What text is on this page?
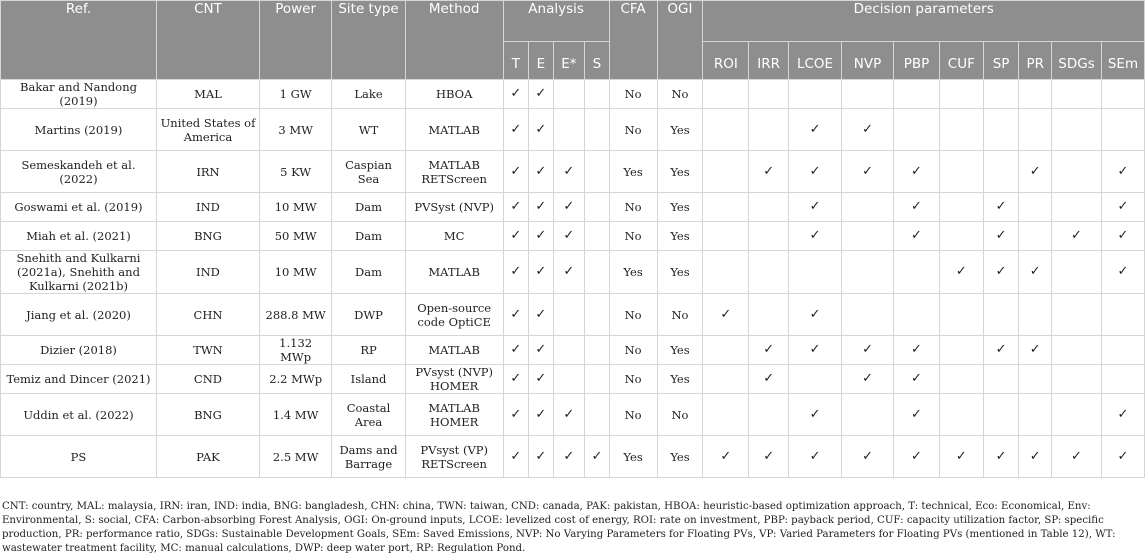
Ref.	CNT	Power	Site type	Method	Analysis				CFA	OGI	Decision parameters									
					T	E	E*	S			ROI	IRR	LCOE	NVP	PBP	CUF	SP	PR	SDGs	SEm
Bakar and Nandong (2019)	MAL	1 GW	Lake	HBOA	✓	✓			No	No										
Martins (2019)	United States of America	3 MW	WT	MATLAB	✓	✓			No	Yes			✓	✓						
Semeskandeh et al. (2022)	IRN	5 KW	Caspian Sea	MATLAB RETScreen	✓	✓	✓		Yes	Yes		✓	✓	✓	✓			✓		✓
Goswami et al. (2019)	IND	10 MW	Dam	PVSyst (NVP)	✓	✓	✓		No	Yes			✓		✓		✓			✓
Miah et al. (2021)	BNG	50 MW	Dam	MC	✓	✓	✓		No	Yes			✓		✓		✓		✓	✓
Snehith and Kulkarni (2021a), Snehith and Kulkarni (2021b)	IND	10 MW	Dam	MATLAB	✓	✓	✓		Yes	Yes						✓	✓	✓		✓
Jiang et al. (2020)	CHN	288.8 MW	DWP	Open-source code OptiCE	✓	✓			No	No	✓		✓							
Dizier (2018)	TWN	1.132 MWp	RP	MATLAB	✓	✓			No	Yes		✓	✓	✓	✓		✓	✓		
Temiz and Dincer (2021)	CND	2.2 MWp	Island	PVsyst (NVP) HOMER	✓	✓			No	Yes		✓		✓	✓					
Uddin et al. (2022)	BNG	1.4 MW	Coastal Area	MATLAB HOMER	✓	✓	✓		No	No			✓		✓					✓
PS	PAK	2.5 MW	Dams and Barrage	PVsyst (VP) RETScreen	✓	✓	✓	✓	Yes	Yes	✓	✓	✓	✓	✓	✓	✓	✓	✓	✓
CNT: country, MAL: malaysia, IRN: iran, IND: india, BNG: bangladesh, CHN: china, TWN: taiwan, CND: canada, PAK: pakistan, HBOA: heuristic-based optimization approach, T: technical, Eco: Economical, Env: Environmental, S: social, CFA: Carbon-absorbing Forest Analysis, OGI: On-ground inputs, LCOE: levelized cost of energy, ROI: rate on investment, PBP: payback period, CUF: capacity utilization factor, SP: specific production, PR: performance ratio, SDGs: Sustainable Development Goals, SEm: Saved Emissions, NVP: No Varying Parameters for Floating PVs, VP: Varied Parameters for Floating PVs (mentioned in Table 12), WT: wastewater treatment facility, MC: manual calculations, DWP: deep water port, RP: Regulation Pond.
